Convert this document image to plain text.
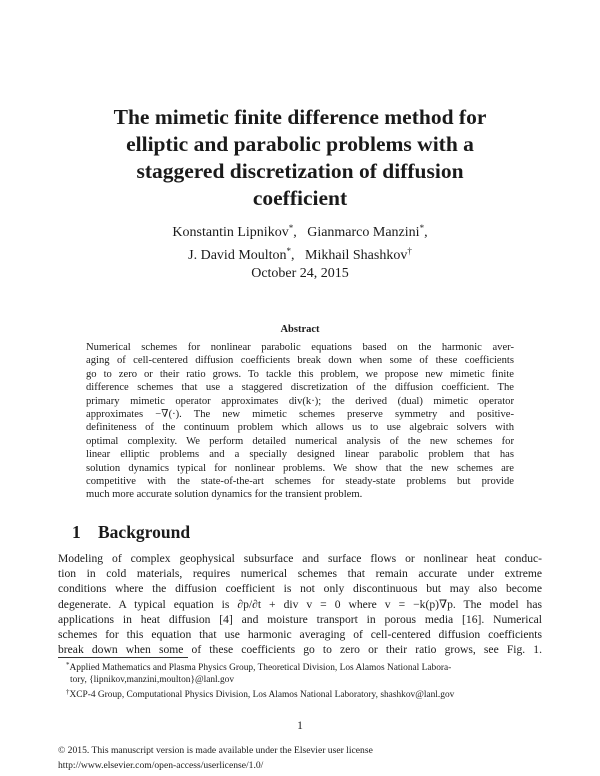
The mimetic finite difference method for
elliptic and parabolic problems with a
staggered discretization of diffusion
coefficient
Konstantin Lipnikov*,   Gianmarco Manzini*,
J. David Moulton*,   Mikhail Shashkov†
October 24, 2015
Abstract
Numerical schemes for nonlinear parabolic equations based on the harmonic aver-
aging of cell-centered diffusion coefficients break down when some of these coefficients
go to zero or their ratio grows. To tackle this problem, we propose new mimetic finite
difference schemes that use a staggered discretization of the diffusion coefficient. The
primary mimetic operator approximates div(k·); the derived (dual) mimetic operator
approximates −∇(·). The new mimetic schemes preserve symmetry and positive-
definiteness of the continuum problem which allows us to use algebraic solvers with
optimal complexity. We perform detailed numerical analysis of the new schemes for
linear elliptic problems and a specially designed linear parabolic problem that has
solution dynamics typical for nonlinear problems. We show that the new schemes are
competitive with the state-of-the-art schemes for steady-state problems but provide
much more accurate solution dynamics for the transient problem.
1 Background
Modeling of complex geophysical subsurface and surface flows or nonlinear heat conduc-
tion in cold materials, requires numerical schemes that remain accurate under extreme
conditions where the diffusion coefficient is not only discontinuous but may also become
degenerate. A typical equation is ∂p/∂t + div v = 0 where v = −k(p)∇p. The model has
applications in heat diffusion [4] and moisture transport in porous media [16]. Numerical
schemes for this equation that use harmonic averaging of cell-centered diffusion coefficients
break down when some of these coefficients go to zero or their ratio grows, see Fig. 1.
*Applied Mathematics and Plasma Physics Group, Theoretical Division, Los Alamos National Labora-
tory, {lipnikov,manzini,moulton}@lanl.gov
†XCP-4 Group, Computational Physics Division, Los Alamos National Laboratory, shashkov@lanl.gov
1
© 2015. This manuscript version is made available under the Elsevier user license
http://www.elsevier.com/open-access/userlicense/1.0/
